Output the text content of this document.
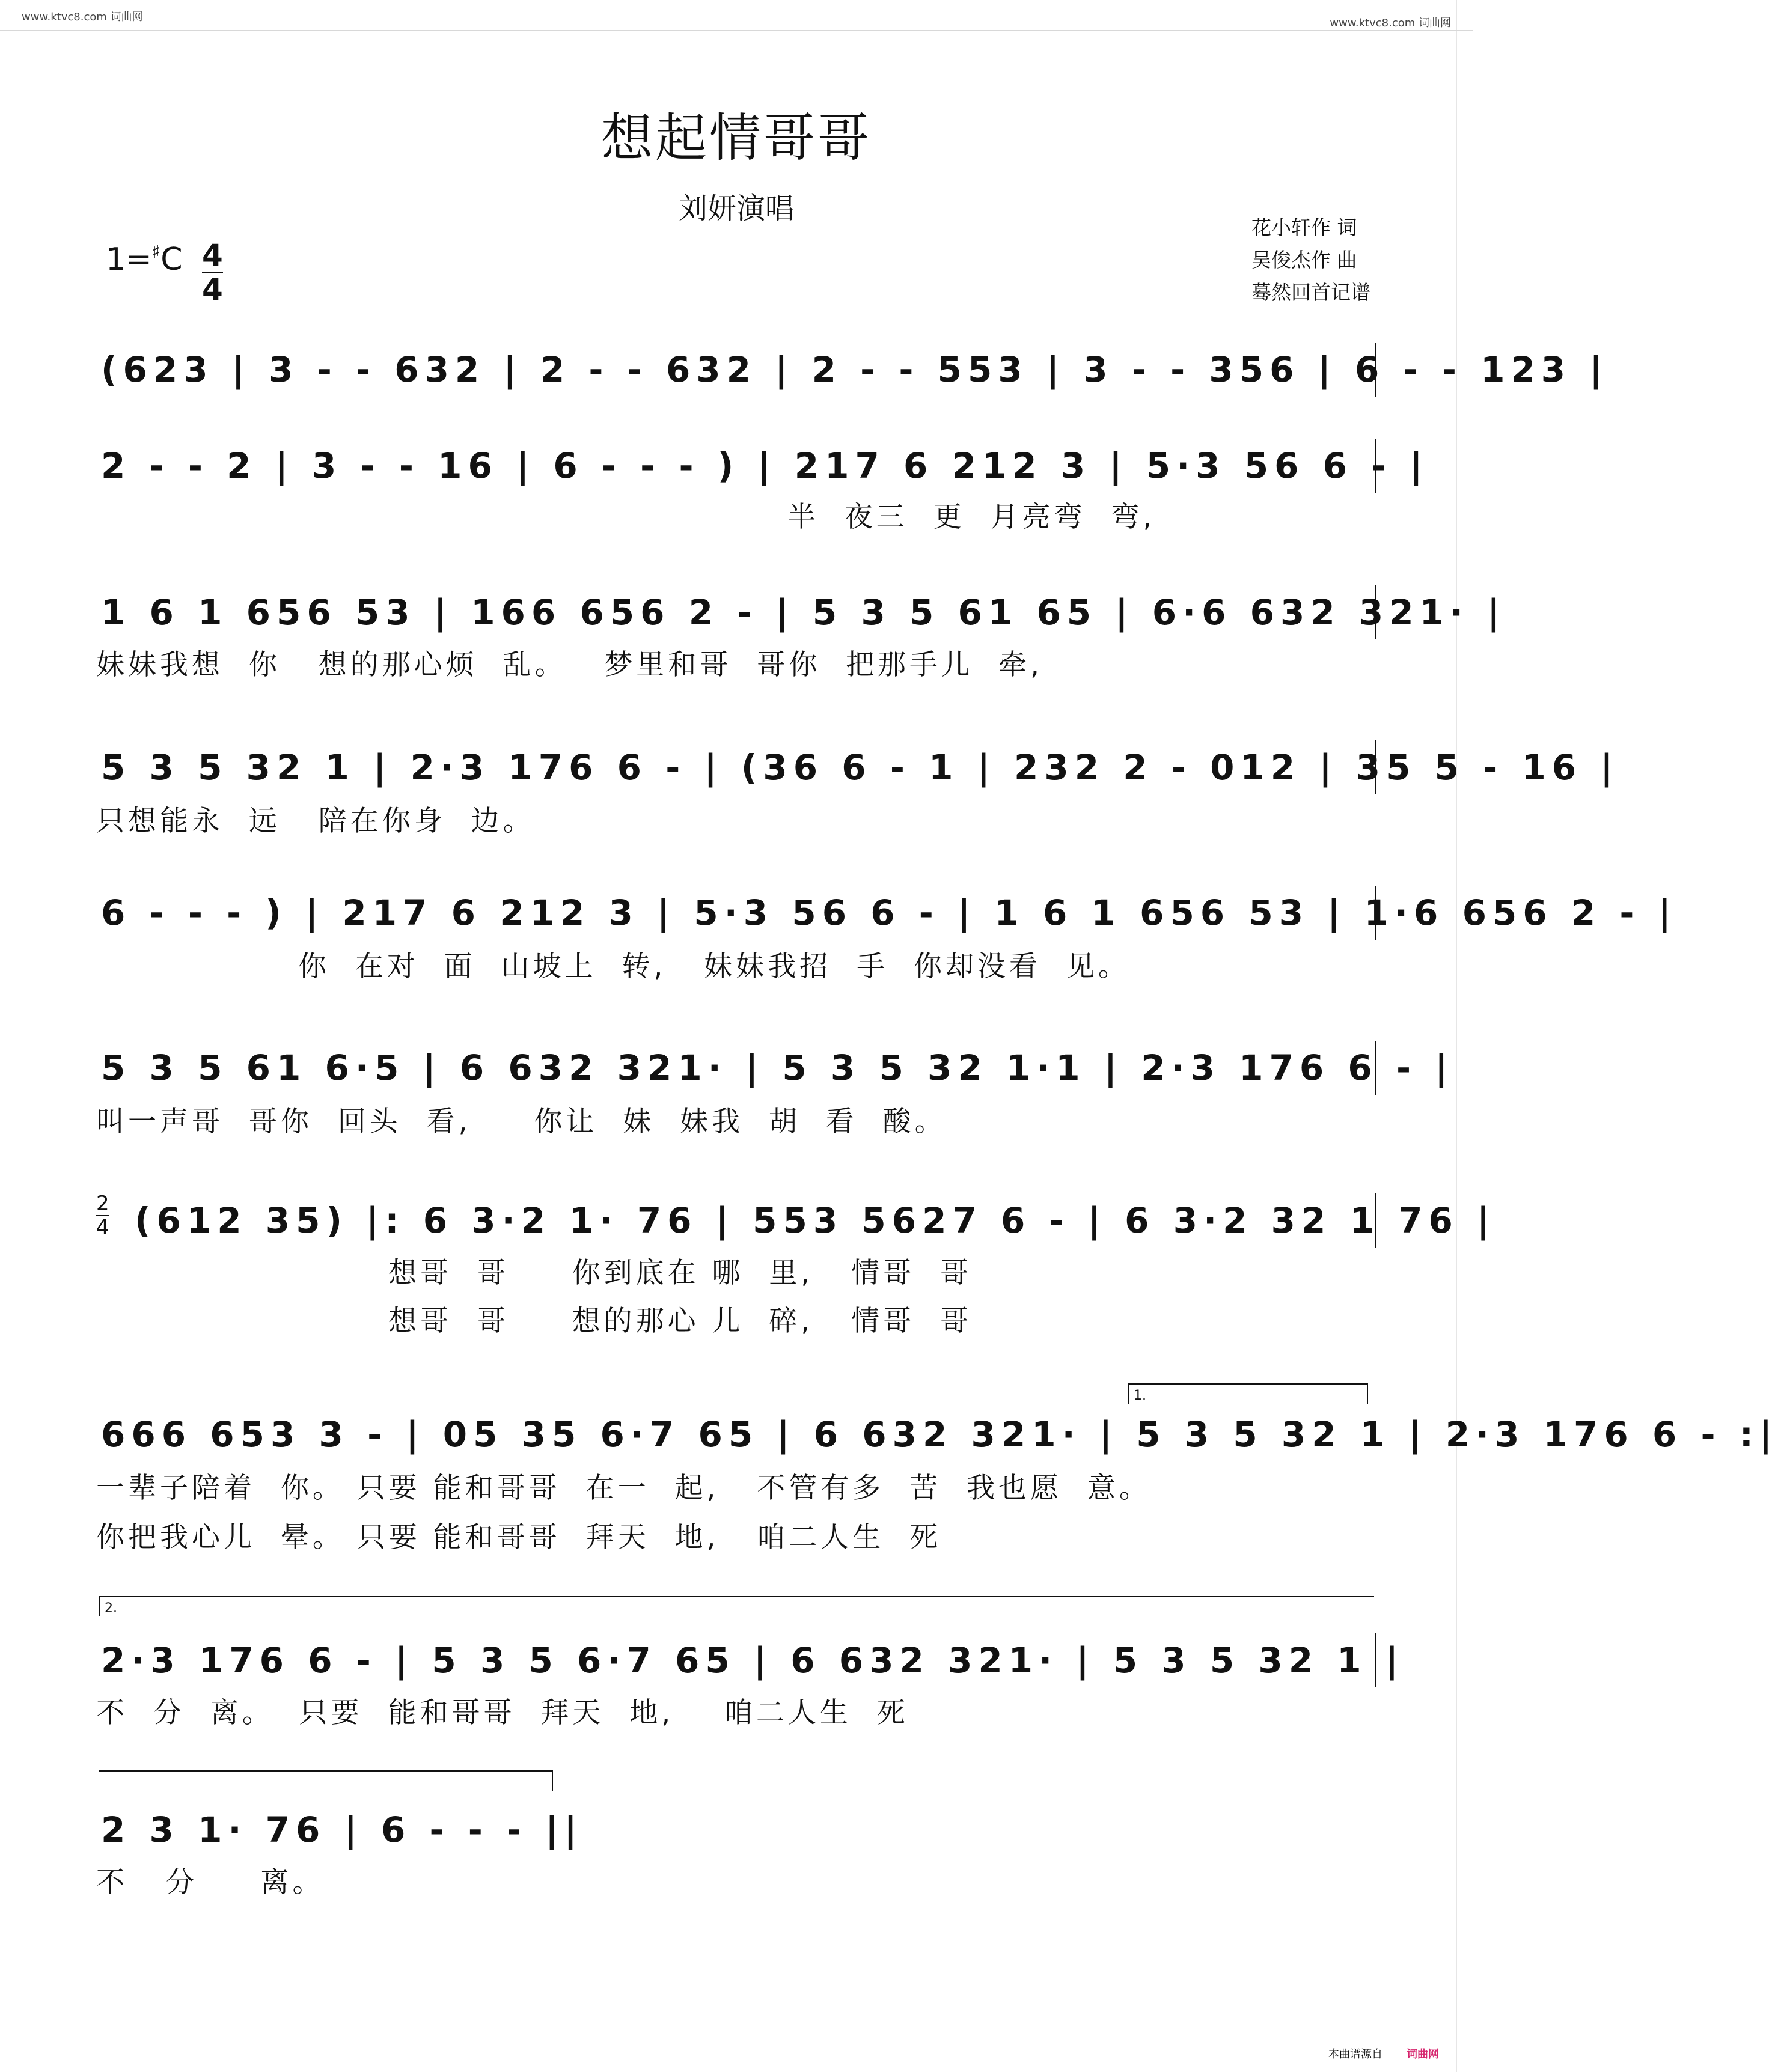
www.ktvc8.com 词曲网	www.ktvc8.com 词曲网
想起情哥哥
刘妍演唱
花小轩作 词
吴俊杰作 曲
蓦然回首记谱
1=♯C 4
4
(623 | 3 - - 632 | 2 - - 632 | 2 - - 553 | 3 - - 356 | 6 - - 123 |
2 - - 2 | 3 - - 16 | 6 - - - ) | 217 6 212 3 | 5·3 56 6 - |
半  夜三  更  月亮弯  弯,
1 6 1 656 53 | 166 656 2 - | 5 3 5 61 65 | 6·6 632 321· |
妹妹我想  你   想的那心烦  乱。   梦里和哥  哥你  把那手儿  牵,
5 3 5 32 1 | 2·3 176 6 - | (36 6 - 1 | 232 2 - 012 | 35 5 - 16 |
只想能永  远   陪在你身  边。
6 - - - ) | 217 6 212 3 | 5·3 56 6 - | 1 6 1 656 53 | 1·6 656 2 - |
你  在对  面  山坡上  转,   妹妹我招  手  你却没看  见。
5 3 5 61 6·5 | 6 632 321· | 5 3 5 32 1·1 | 2·3 176 6 - |
叫一声哥  哥你  回头  看,     你让  妹  妹我  胡  看  酸。
2
4 (612 35) |: 6 3·2 1· 76 | 553 5627 6 - | 6 3·2 32 1 76 |
想哥  哥     你到底在 哪  里,   情哥  哥
想哥  哥     想的那心 儿  碎,   情哥  哥
1.
666 653 3 - | 05 35 6·7 65 | 6 632 321· | 5 3 5 32 1 | 2·3 176 6 - :|
一辈子陪着  你。 只要 能和哥哥  在一  起,   不管有多  苦  我也愿  意。
你把我心儿  晕。 只要 能和哥哥  拜天  地,   咱二人生  死
2.
2·3 176 6 - | 5 3 5 6·7 65 | 6 632 321· | 5 3 5 32 1 |
不  分  离。  只要  能和哥哥  拜天  地,    咱二人生  死
2 3 1· 76 | 6 - - - ||
不   分     离。
本曲谱源自 词曲网
